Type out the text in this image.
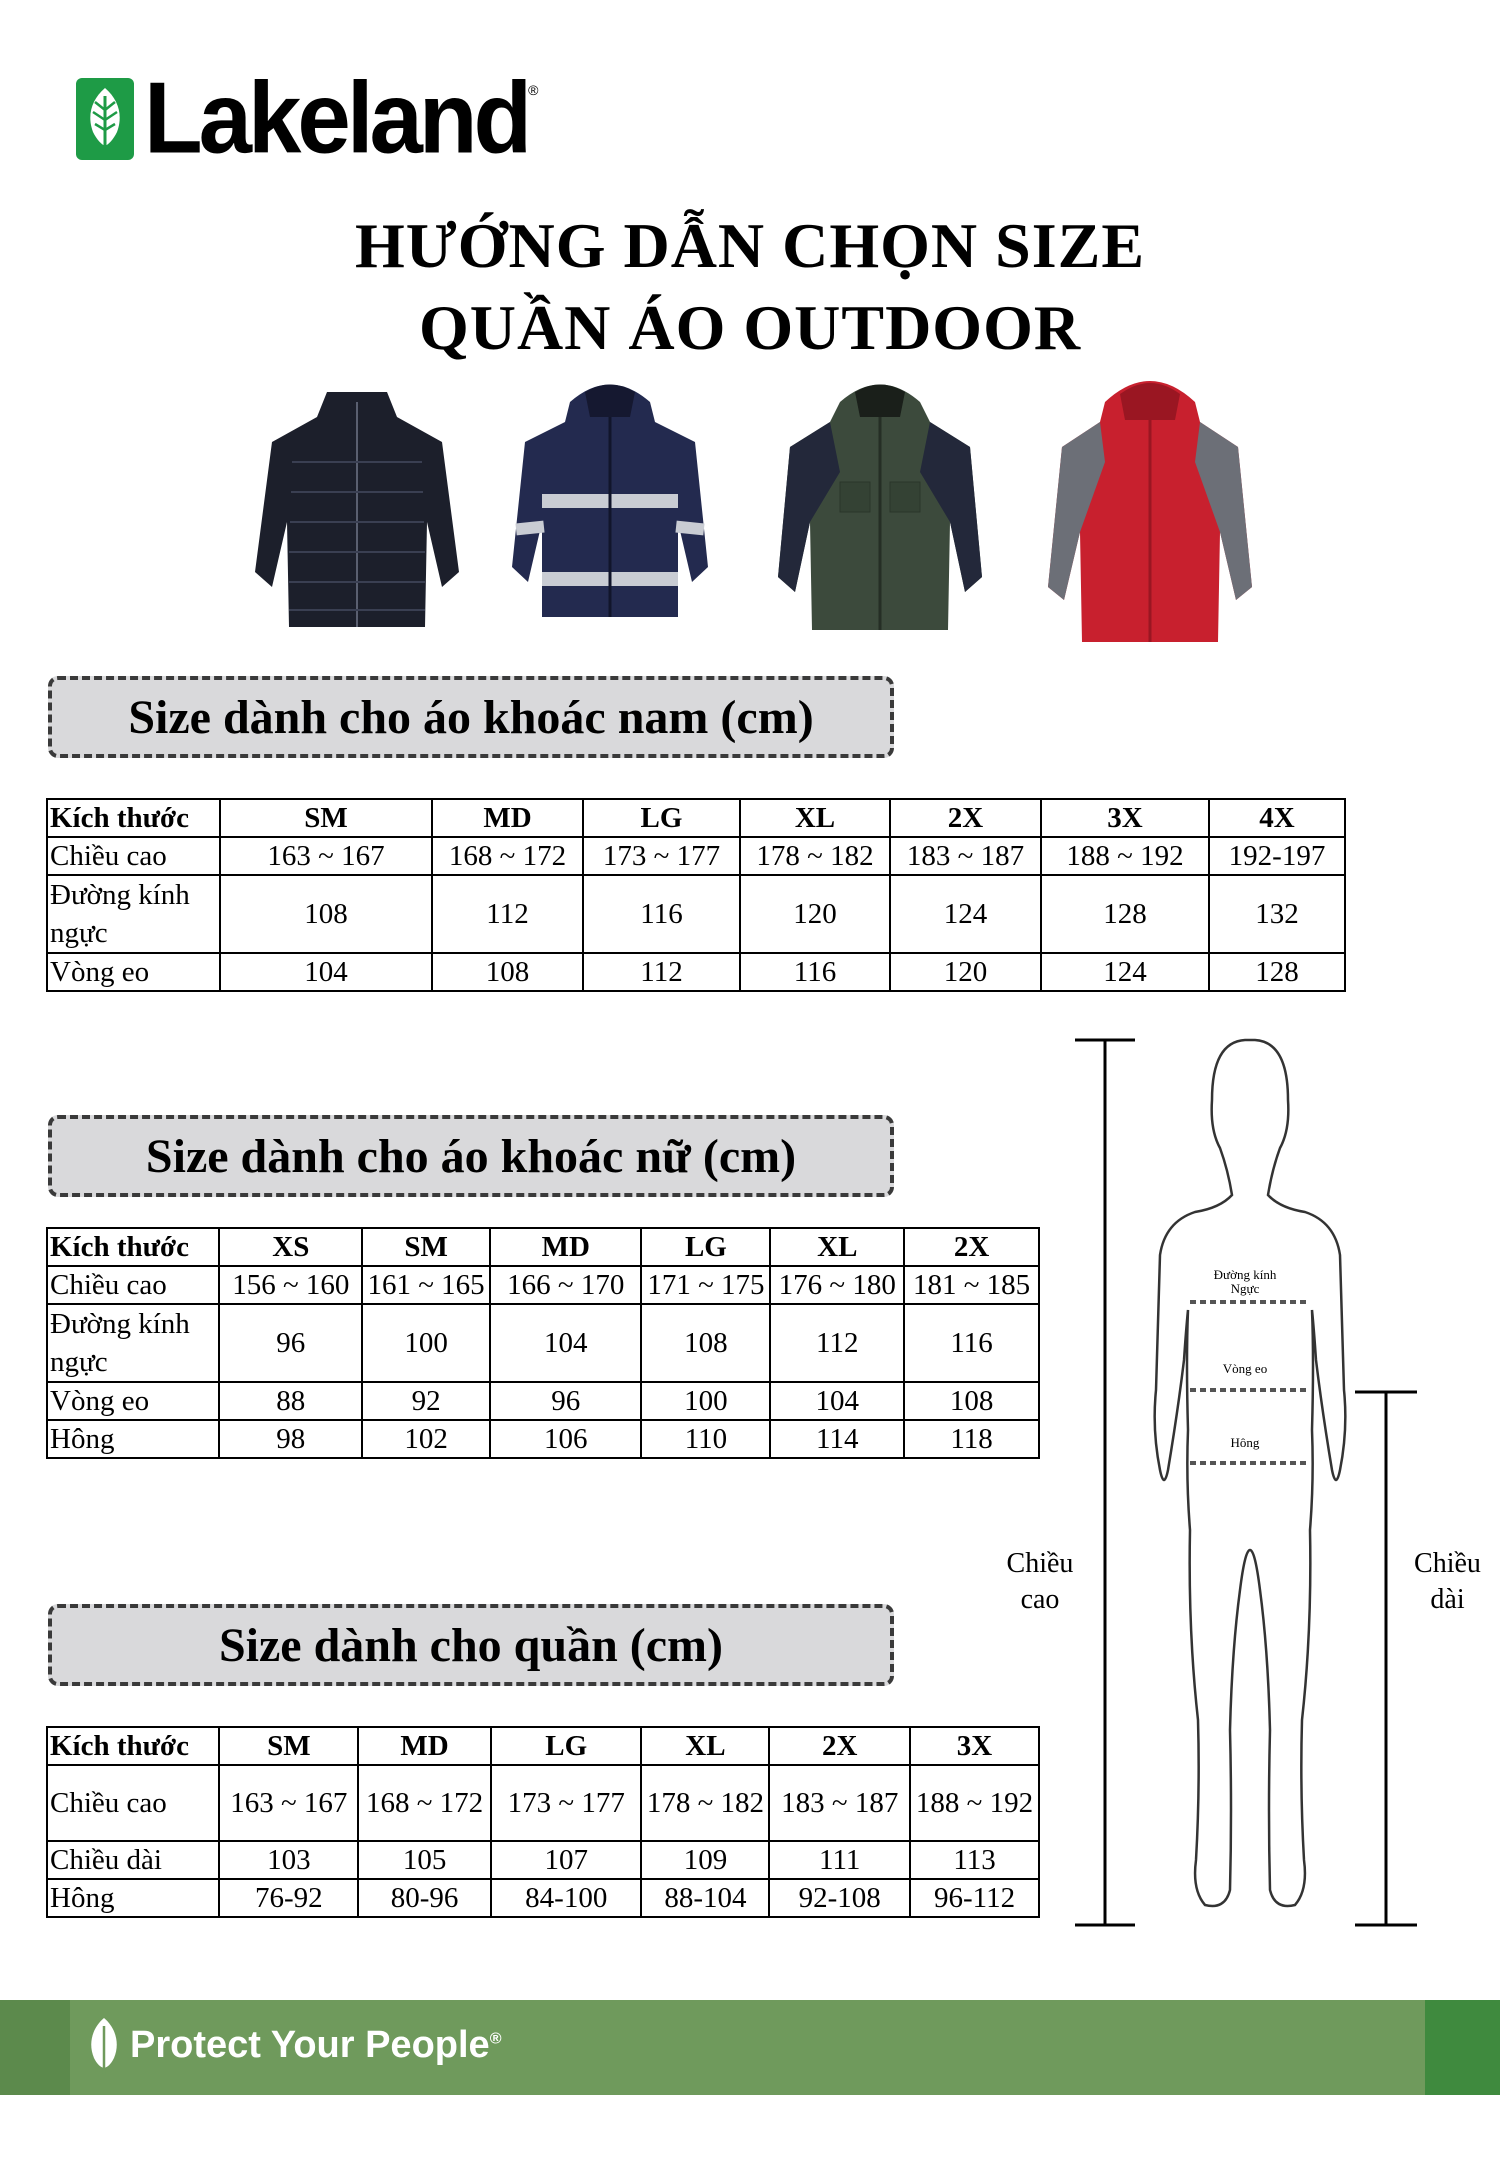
Lakeland ®
HƯỚNG DẪN CHỌN SIZE
QUẦN ÁO OUTDOOR
Size dành cho áo khoác nam (cm)
Kích thước	SM	MD	LG	XL	2X	3X	4X
Chiều cao	163 ~ 167	168 ~ 172	173 ~ 177	178 ~ 182	183 ~ 187	188 ~ 192	192-197
Đường kính ngực	108	112	116	120	124	128	132
Vòng eo	104	108	112	116	120	124	128
Size dành cho áo khoác nữ (cm)
Kích thước	XS	SM	MD	LG	XL	2X
Chiều cao	156 ~ 160	161 ~ 165	166 ~ 170	171 ~ 175	176 ~ 180	181 ~ 185
Đường kính ngực	96	100	104	108	112	116
Vòng eo	88	92	96	100	104	108
Hông	98	102	106	110	114	118
Size dành cho quần (cm)
Kích thước	SM	MD	LG	XL	2X	3X
Chiều cao	163 ~ 167	168 ~ 172	173 ~ 177	178 ~ 182	183 ~ 187	188 ~ 192
Chiều dài	103	105	107	109	111	113
Hông	76-92	80-96	84-100	88-104	92-108	96-112
Đường kính Ngực
Vòng eo
Hông
Chiều cao
Chiều dài
Protect Your People®
